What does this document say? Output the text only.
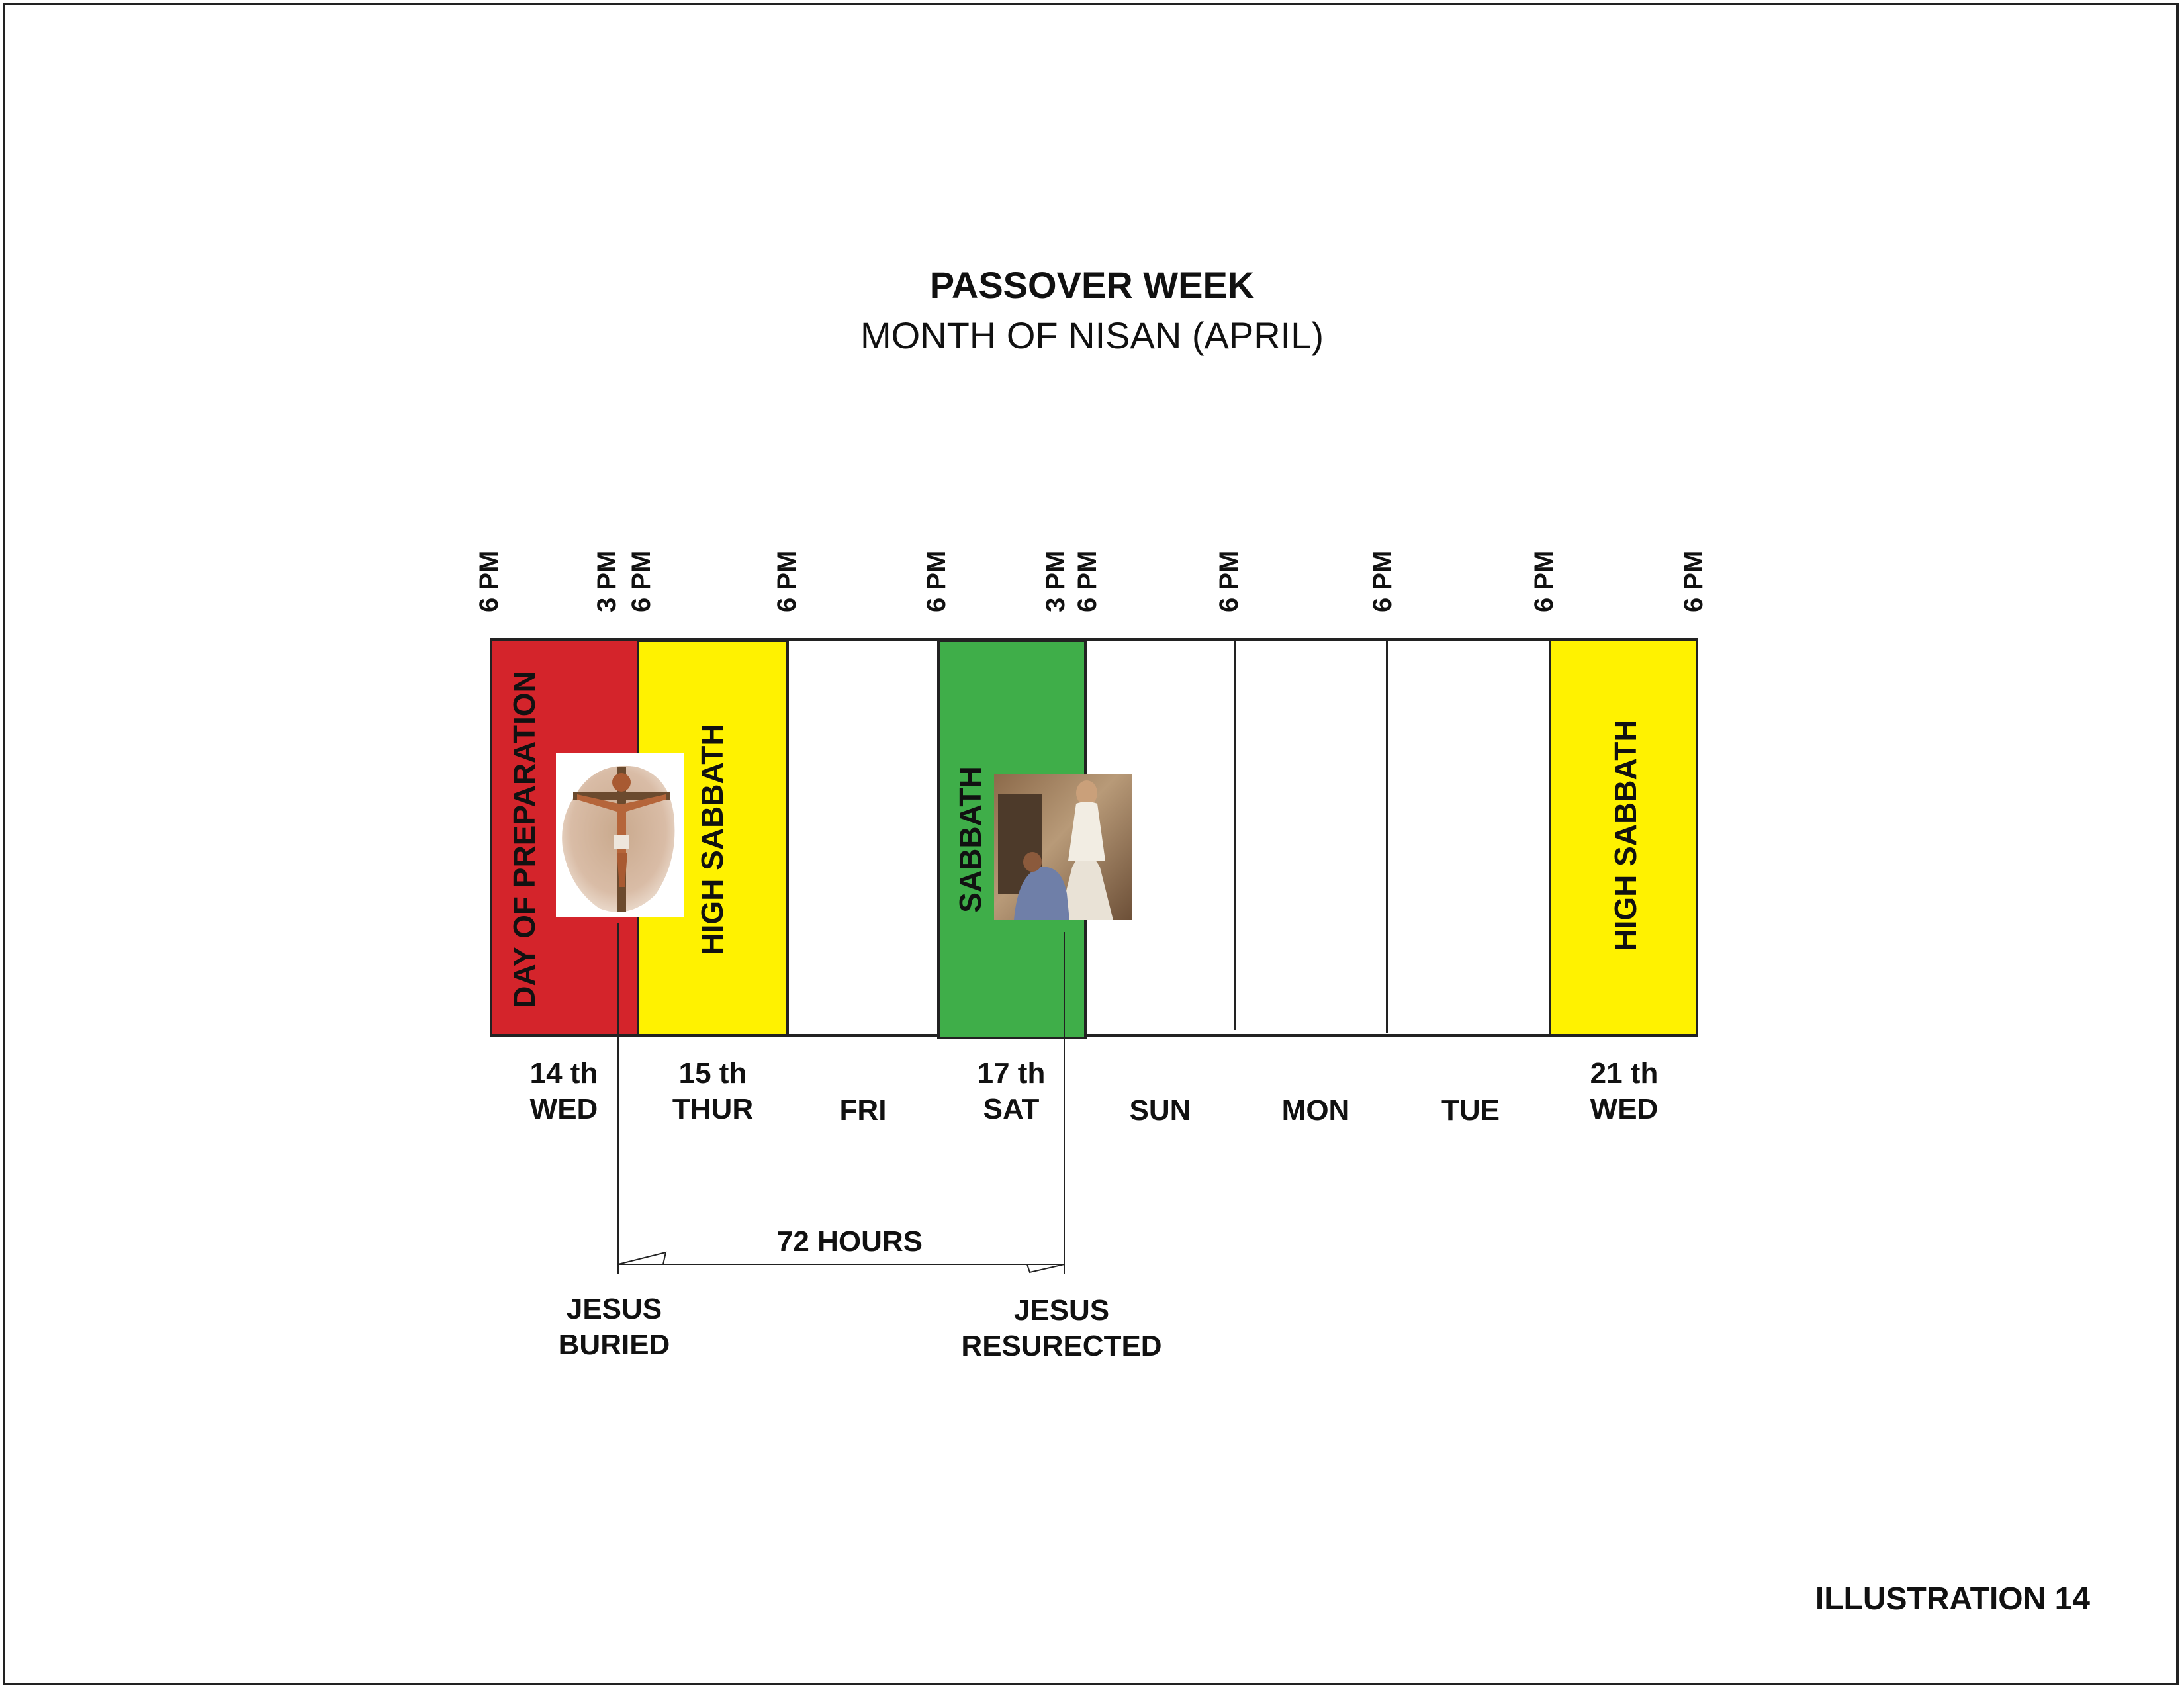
PASSOVER WEEK
MONTH OF NISAN (APRIL)
6 PM	3 PM 6 PM	6 PM	6 PM	3 PM 6 PM	6 PM	6 PM	6 PM	6 PM
DAY OF PREPARATION	HIGH SABBATH	SABBATH	HIGH SABBATH
14 th
WED
15 th
THUR	FRI
17 th
SAT	SUN	MON	TUE
21 th
WED
72 HOURS
JESUS
BURIED
JESUS
RESURECTED
ILLUSTRATION 14
